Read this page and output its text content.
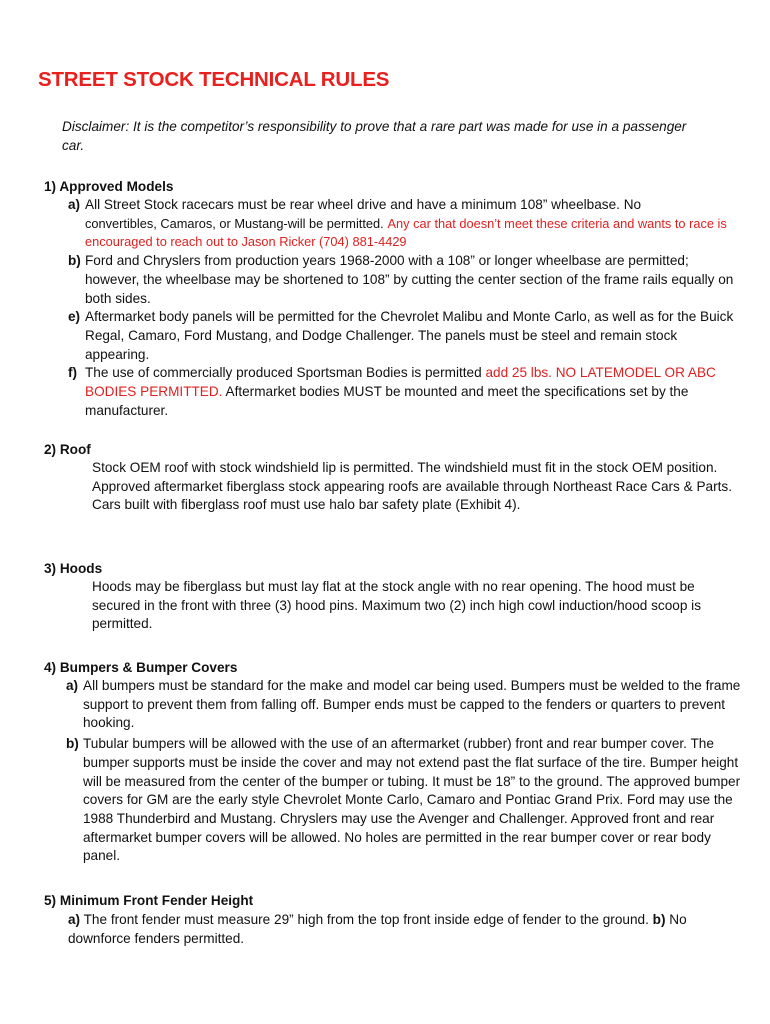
STREET STOCK TECHNICAL RULES
Disclaimer: It is the competitor’s responsibility to prove that a rare part was made for use in a passenger car.

1) Approved Models

a) All Street Stock racecars must be rear wheel drive and have a minimum 108” wheelbase. No
convertibles, Camaros, or Mustang-will be permitted. Any car that doesn’t meet these criteria and wants to race is encouraged to reach out to Jason Ricker (704) 881-4429
b) Ford and Chryslers from production years 1968-2000 with a 108” or longer wheelbase are permitted; however, the wheelbase may be shortened to 108” by cutting the center section of the frame rails equally on both sides.
e) Aftermarket body panels will be permitted for the Chevrolet Malibu and Monte Carlo, as well as for the Buick Regal, Camaro, Ford Mustang, and Dodge Challenger. The panels must be steel and remain stock appearing.
f) The use of commercially produced Sportsman Bodies is permitted add 25 lbs. NO LATEMODEL OR ABC BODIES PERMITTED. Aftermarket bodies MUST be mounted and meet the specifications set by the manufacturer.

2) Roof

Stock OEM roof with stock windshield lip is permitted. The windshield must fit in the stock OEM position. Approved aftermarket fiberglass stock appearing roofs are available through Northeast Race Cars & Parts. Cars built with fiberglass roof must use halo bar safety plate (Exhibit 4).

3) Hoods

Hoods may be fiberglass but must lay flat at the stock angle with no rear opening. The hood must be secured in the front with three (3) hood pins. Maximum two (2) inch high cowl induction/hood scoop is permitted.

4) Bumpers & Bumper Covers

a) All bumpers must be standard for the make and model car being used. Bumpers must be welded to the frame support to prevent them from falling off. Bumper ends must be capped to the fenders or quarters to prevent hooking.
b) Tubular bumpers will be allowed with the use of an aftermarket (rubber) front and rear bumper cover. The bumper supports must be inside the cover and may not extend past the flat surface of the tire. Bumper height will be measured from the center of the bumper or tubing. It must be 18” to the ground. The approved bumper covers for GM are the early style Chevrolet Monte Carlo, Camaro and Pontiac Grand Prix. Ford may use the 1988 Thunderbird and Mustang. Chryslers may use the Avenger and Challenger. Approved front and rear aftermarket bumper covers will be allowed. No holes are permitted in the rear bumper cover or rear body panel.

5) Minimum Front Fender Height

a) The front fender must measure 29” high from the top front inside edge of fender to the ground. b) No downforce fenders permitted.
